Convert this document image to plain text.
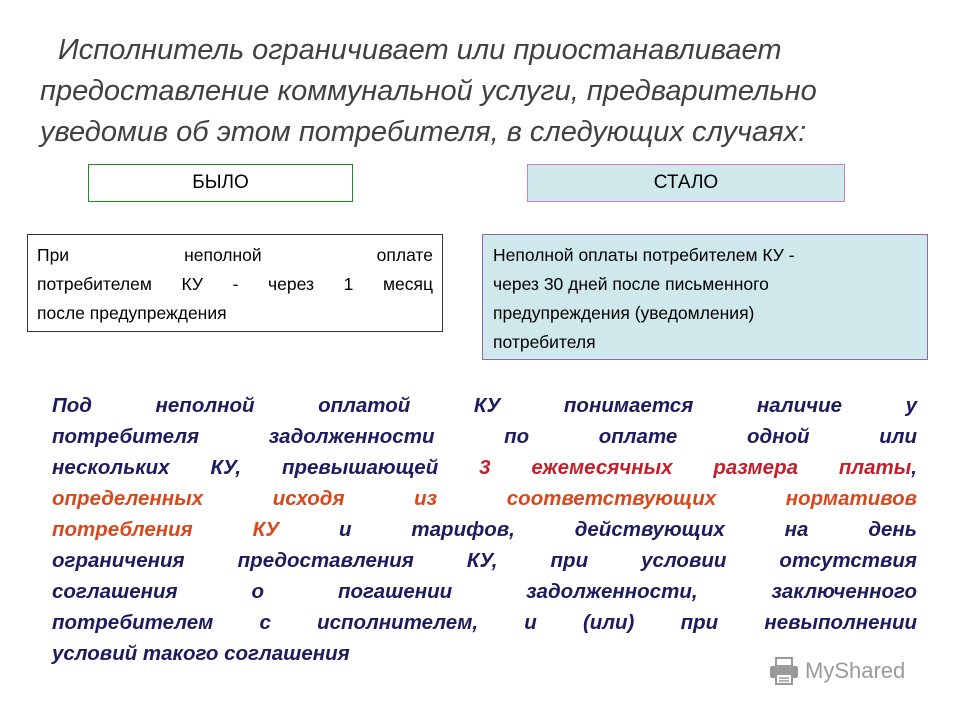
Исполнитель ограничивает или приостанавливает
предоставление коммунальной услуги, предварительно
уведомив об этом потребителя, в следующих случаях:
БЫЛО	СТАЛО
При неполной оплате
потребителем КУ - через 1 месяц
после предупреждения
Неполной оплаты потребителем КУ -
через 30 дней после письменного
предупреждения (уведомления)
потребителя
Под неполной оплатой КУ понимается наличие у
потребителя задолженности по оплате одной или
нескольких КУ, превышающей 3 ежемесячных размера платы,
определенных исходя из соответствующих нормативов
потребления КУ и тарифов, действующих на день
ограничения предоставления КУ, при условии отсутствия
соглашения о погашении задолженности, заключенного
потребителем с исполнителем, и (или) при невыполнении
условий такого соглашения
MyShared
